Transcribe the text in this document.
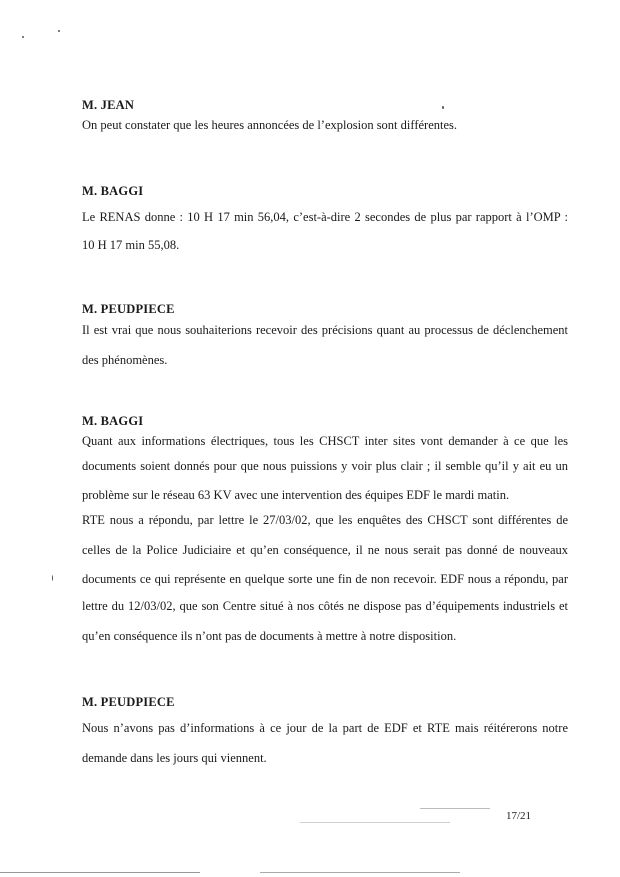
M. JEAN
On peut constater que les heures annoncées de l’explosion sont différentes.
M. BAGGI
Le RENAS donne : 10 H 17 min 56,04, c’est-à-dire 2 secondes de plus par rapport à l’OMP :
10 H 17 min 55,08.
M. PEUDPIECE
Il est vrai que nous souhaiterions recevoir des précisions quant au processus de déclenchement
des phénomènes.
M. BAGGI
Quant aux informations électriques, tous les CHSCT inter sites vont demander à ce que les
documents soient donnés pour que nous puissions y voir plus clair ; il semble qu’il y ait eu un
problème sur le réseau 63 KV avec une intervention des équipes EDF le mardi matin.
RTE nous a répondu, par lettre le 27/03/02, que les enquêtes des CHSCT sont différentes de
celles de la Police Judiciaire et qu’en conséquence, il ne nous serait pas donné de nouveaux
documents ce qui représente en quelque sorte une fin de non recevoir. EDF nous a répondu, par
lettre du 12/03/02, que son Centre situé à nos côtés ne dispose pas d’équipements industriels et
qu’en conséquence ils n’ont pas de documents à mettre à notre disposition.
M. PEUDPIECE
Nous n’avons pas d’informations à ce jour de la part de EDF et RTE mais réitérerons notre
demande dans les jours qui viennent.
17/21
